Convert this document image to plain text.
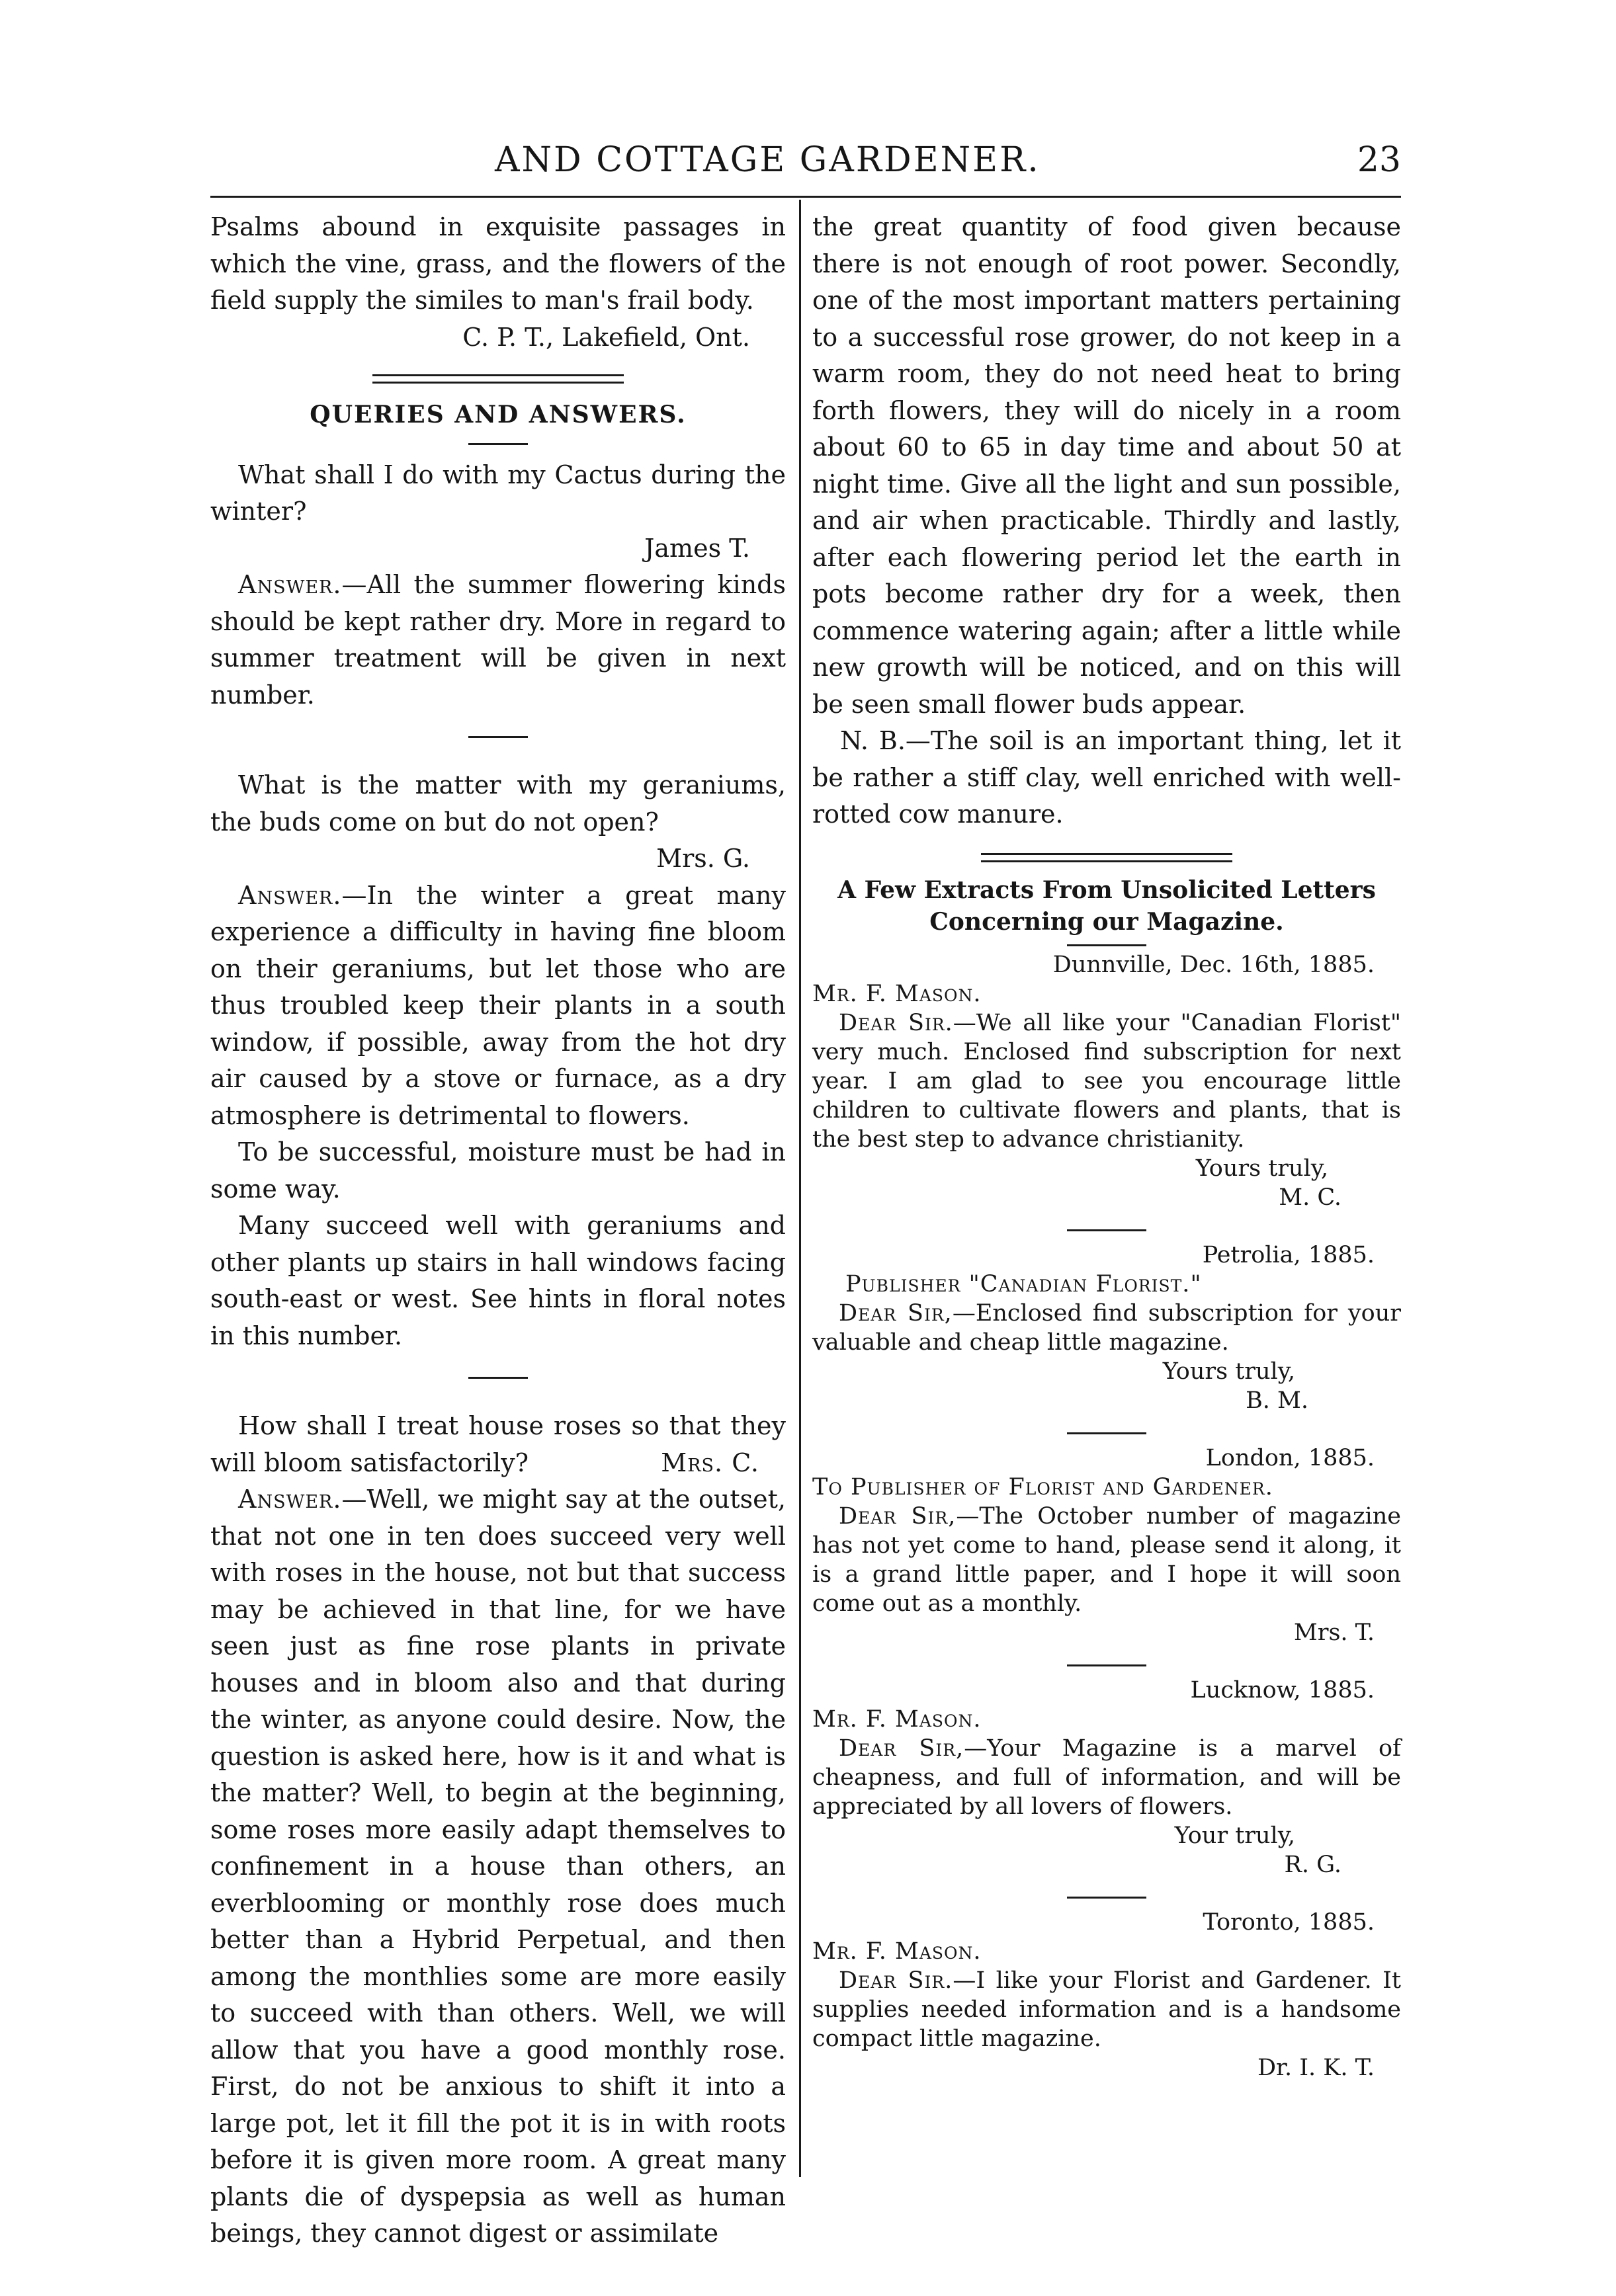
AND COTTAGE GARDENER.	23

Psalms abound in exquisite passages in which the vine, grass, and the flowers of the field supply the similes to man's frail body.

C. P. T., Lakefield, Ont.

QUERIES AND ANSWERS.

What shall I do with my Cactus during the winter?

James T.

Answer.—All the summer flowering kinds should be kept rather dry. More in regard to summer treatment will be given in next number.

What is the matter with my geraniums, the buds come on but do not open?

Mrs. G.

Answer.—In the winter a great many experience a difficulty in having fine bloom on their geraniums, but let those who are thus troubled keep their plants in a south window, if possible, away from the hot dry air caused by a stove or furnace, as a dry atmosphere is detrimental to flowers.

To be successful, moisture must be had in some way.

Many succeed well with geraniums and other plants up stairs in hall windows facing south-east or west. See hints in floral notes in this number.

How shall I treat house roses so that they will bloom satisfactorily?	Mrs. C.

Answer.—Well, we might say at the outset, that not one in ten does succeed very well with roses in the house, not but that success may be achieved in that line, for we have seen just as fine rose plants in private houses and in bloom also and that during the winter, as anyone could desire. Now, the question is asked here, how is it and what is the matter? Well, to begin at the beginning, some roses more easily adapt themselves to confinement in a house than others, an everblooming or monthly rose does much better than a Hybrid Perpetual, and then among the monthlies some are more easily to succeed with than others. Well, we will allow that you have a good monthly rose. First, do not be anxious to shift it into a large pot, let it fill the pot it is in with roots before it is given more room. A great many plants die of dyspepsia as well as human beings, they cannot digest or assimilate

the great quantity of food given because there is not enough of root power. Secondly, one of the most important matters pertaining to a successful rose grower, do not keep in a warm room, they do not need heat to bring forth flowers, they will do nicely in a room about 60 to 65 in day time and about 50 at night time. Give all the light and sun possible, and air when practicable. Thirdly and lastly, after each flowering period let the earth in pots become rather dry for a week, then commence watering again; after a little while new growth will be noticed, and on this will be seen small flower buds appear.

N. B.—The soil is an important thing, let it be rather a stiff clay, well enriched with well-rotted cow manure.

A Few Extracts From Unsolicited Letters Concerning our Magazine.

Dunnville, Dec. 16th, 1885.

Mr. F. Mason.

Dear Sir.—We all like your "Canadian Florist" very much. Enclosed find subscription for next year. I am glad to see you encourage little children to cultivate flowers and plants, that is the best step to advance christianity.

Yours truly,

M. C.

Petrolia, 1885.

Publisher "Canadian Florist."

Dear Sir,—Enclosed find subscription for your valuable and cheap little magazine.

Yours truly,

B. M.

London, 1885.

To Publisher of Florist and Gardener.

Dear Sir,—The October number of magazine has not yet come to hand, please send it along, it is a grand little paper, and I hope it will soon come out as a monthly.

Mrs. T.

Lucknow, 1885.

Mr. F. Mason.

Dear Sir,—Your Magazine is a marvel of cheapness, and full of information, and will be appreciated by all lovers of flowers.

Your truly,

R. G.

Toronto, 1885.

Mr. F. Mason.

Dear Sir.—I like your Florist and Gardener. It supplies needed information and is a handsome compact little magazine.

Dr. I. K. T.
